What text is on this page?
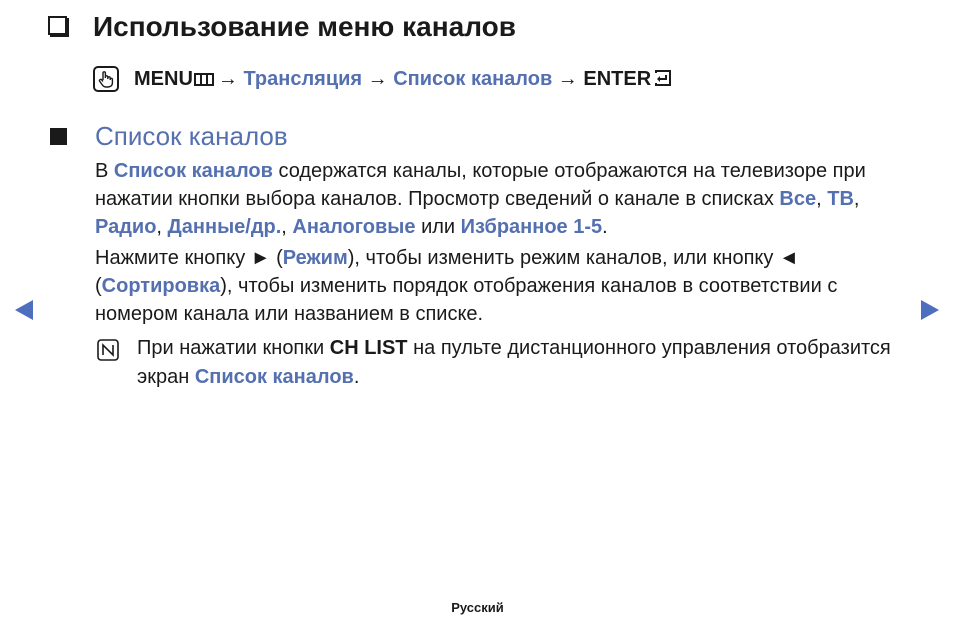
Использование меню каналов
MENU →
Трансляция
→
Список каналов
→
ENTER
Список каналов
В Список каналов содержатся каналы, которые отображаются на телевизоре при нажатии кнопки выбора каналов. Просмотр сведений о канале в списках Все, ТВ, Радио, Данные/др., Аналоговые или Избранное 1-5.
Нажмите кнопку ► (Режим), чтобы изменить режим каналов, или кнопку ◄ (Сортировка), чтобы изменить порядок отображения каналов в соответствии с номером канала или названием в списке.
При нажатии кнопки CH LIST на пульте дистанционного управления отобразится экран Список каналов.
Русский
